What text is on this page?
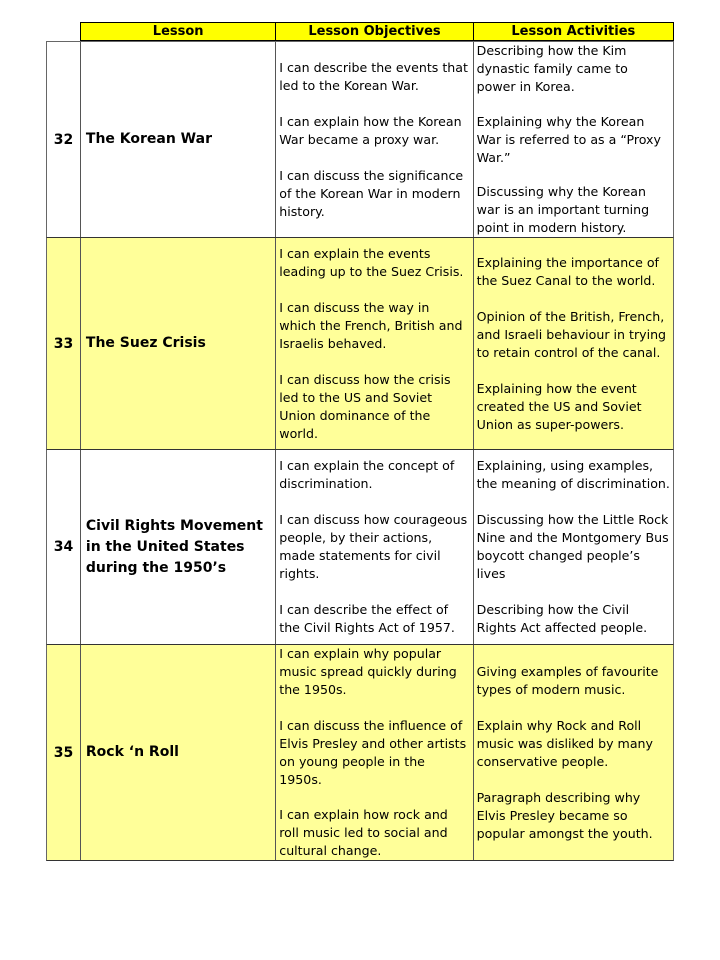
Lesson	Lesson Objectives	Lesson Activities
32 The Korean War

I can describe the events that led to the Korean War.

I can explain how the Korean War became a proxy war.

I can discuss the significance of the Korean War in modern history.

Describing how the Kim dynastic family came to power in Korea.

Explaining why the Korean War is referred to as a “Proxy War.”

Discussing why the Korean war is an important turning point in modern history.

33 The Suez Crisis

I can explain the events leading up to the Suez Crisis.

I can discuss the way in which the French, British and Israelis behaved.

I can discuss how the crisis led to the US and Soviet Union dominance of the world.

Explaining the importance of the Suez Canal to the world.

Opinion of the British, French, and Israeli behaviour in trying to retain control of the canal.

Explaining how the event created the US and Soviet Union as super-powers.

34
Civil Rights Movement in the United States during the 1950’s

I can explain the concept of discrimination.

I can discuss how courageous people, by their actions, made statements for civil rights.

I can describe the effect of the Civil Rights Act of 1957.

Explaining, using examples, the meaning of discrimination.

Discussing how the Little Rock Nine and the Montgomery Bus boycott changed people’s lives

Describing how the Civil Rights Act affected people.

35 Rock ‘n Roll

I can explain why popular music spread quickly during the 1950s.

I can discuss the influence of Elvis Presley and other artists on young people in the 1950s.

I can explain how rock and roll music led to social and cultural change.

Giving examples of favourite types of modern music.

Explain why Rock and Roll music was disliked by many conservative people.

Paragraph describing why Elvis Presley became so popular amongst the youth.
